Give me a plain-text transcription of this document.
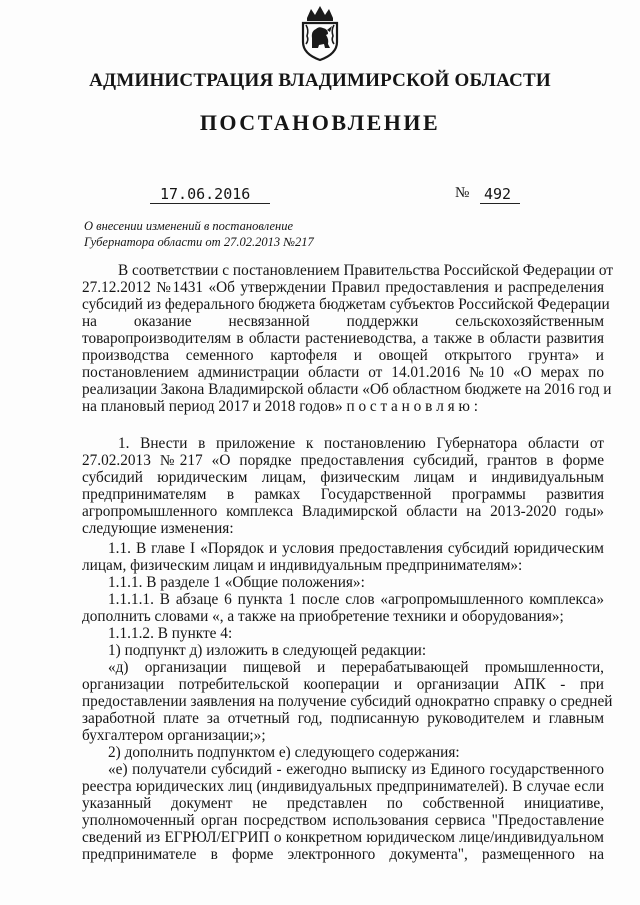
АДМИНИСТРАЦИЯ ВЛАДИМИРСКОЙ ОБЛАСТИ
ПОСТАНОВЛЕНИЕ
17.06.2016	№ 492
О внесении изменений в постановление
Губернатора области от 27.02.2013 №217
В соответствии с постановлением Правительства Российской Федерации от
27.12.2012 №1431 «Об утверждении Правил предоставления и распределения
субсидий из федерального бюджета бюджетам субъектов Российской Федерации
на оказание несвязанной поддержки сельскохозяйственным
товаропроизводителям в области растениеводства, а также в области развития
производства семенного картофеля и овощей открытого грунта» и
постановлением администрации области от 14.01.2016 №10 «О мерах по
реализации Закона Владимирской области «Об областном бюджете на 2016 год и
на плановый период 2017 и 2018 годов» п о с т а н о в л я ю :
1. Внести в приложение к постановлению Губернатора области от
27.02.2013 №217 «О порядке предоставления субсидий, грантов в форме
субсидий юридическим лицам, физическим лицам и индивидуальным
предпринимателям в рамках Государственной программы развития
агропромышленного комплекса Владимирской области на 2013-2020 годы»
следующие изменения:
1.1. В главе I «Порядок и условия предоставления субсидий юридическим
лицам, физическим лицам и индивидуальным предпринимателям»:
1.1.1. В разделе 1 «Общие положения»:
1.1.1.1. В абзаце 6 пункта 1 после слов «агропромышленного комплекса»
дополнить словами «, а также на приобретение техники и оборудования»;
1.1.1.2. В пункте 4:
1) подпункт д) изложить в следующей редакции:
«д) организации пищевой и перерабатывающей промышленности,
организации потребительской кооперации и организации АПК - при
предоставлении заявления на получение субсидий однократно справку о средней
заработной плате за отчетный год, подписанную руководителем и главным
бухгалтером организации;»;
2) дополнить подпунктом е) следующего содержания:
«е) получатели субсидий - ежегодно выписку из Единого государственного
реестра юридических лиц (индивидуальных предпринимателей). В случае если
указанный документ не представлен по собственной инициативе,
уполномоченный орган посредством использования сервиса "Предоставление
сведений из ЕГРЮЛ/ЕГРИП о конкретном юридическом лице/индивидуальном
предпринимателе в форме электронного документа", размещенного на
